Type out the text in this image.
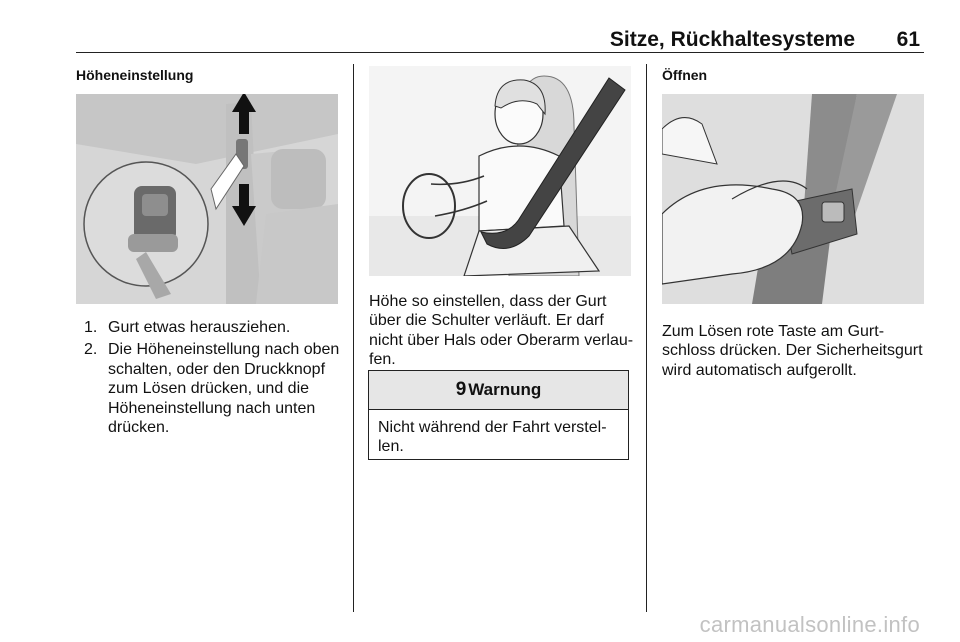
Sitze, Rückhaltesysteme	61
Höheneinstellung
1. Gurt etwas herausziehen.
2. Die Höheneinstellung nach oben schalten, oder den Druckknopf zum Lösen drücken, und die Höheneinstellung nach unten drücken.

Höhe so einstellen, dass der Gurt über die Schulter verläuft. Er darf nicht über Hals oder Oberarm verlau-fen.

9 Warnung
Nicht während der Fahrt verstel-len.
Öffnen

Zum Lösen rote Taste am Gurt-schloss drücken. Der Sicherheitsgurt wird automatisch aufgerollt.

carmanualsonline.info
